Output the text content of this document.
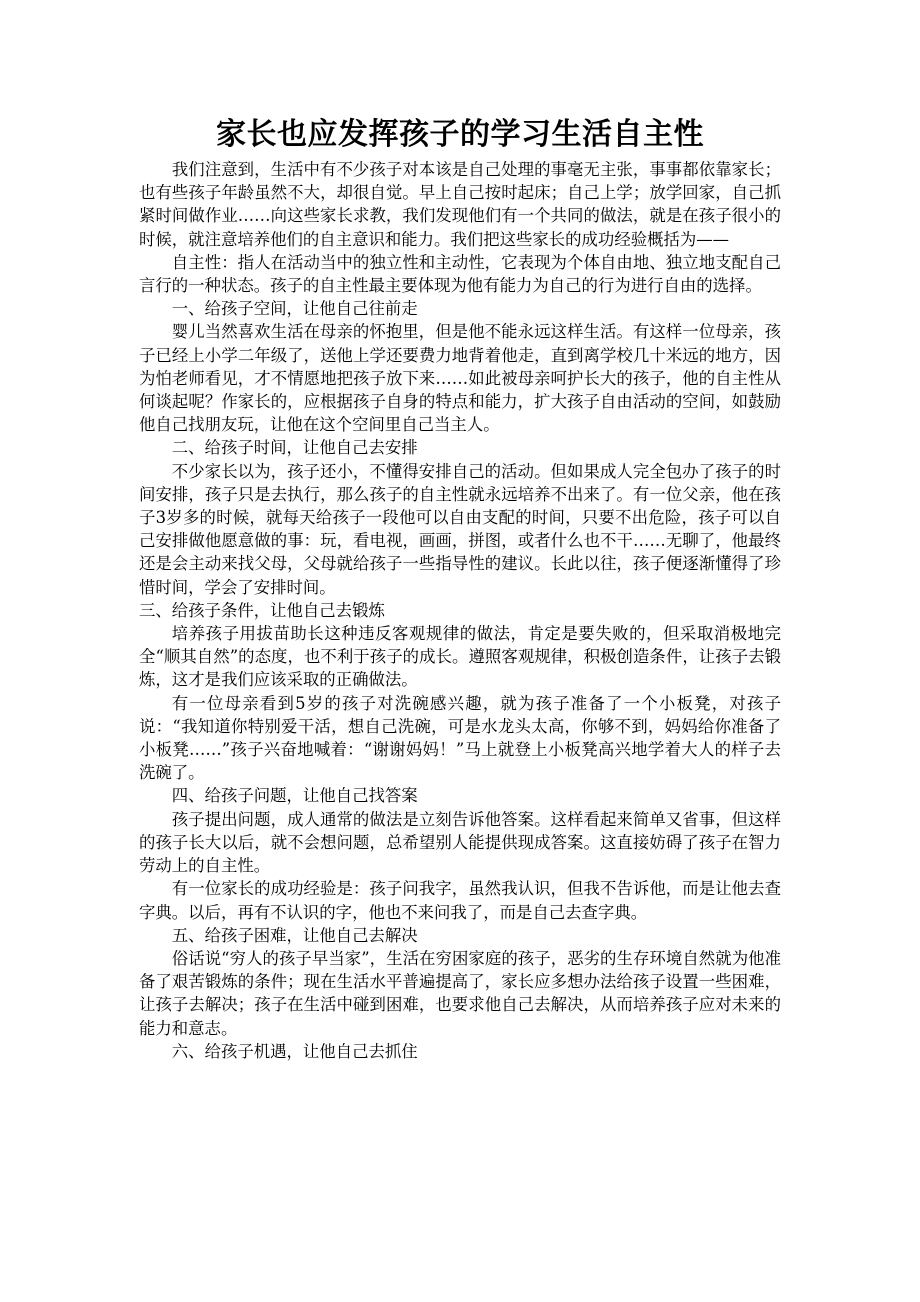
家长也应发挥孩子的学习生活自主性

我们注意到，生活中有不少孩子对本该是自己处理的事毫无主张，事事都依靠家长；也有些孩子年龄虽然不大，却很自觉。早上自己按时起床；自己上学；放学回家，自己抓紧时间做作业……向这些家长求教，我们发现他们有一个共同的做法，就是在孩子很小的时候，就注意培养他们的自主意识和能力。我们把这些家长的成功经验概括为——

自主性：指人在活动当中的独立性和主动性，它表现为个体自由地、独立地支配自己言行的一种状态。孩子的自主性最主要体现为他有能力为自己的行为进行自由的选择。

一、给孩子空间，让他自己往前走

婴儿当然喜欢生活在母亲的怀抱里，但是他不能永远这样生活。有这样一位母亲，孩子已经上小学二年级了，送他上学还要费力地背着他走，直到离学校几十米远的地方，因为怕老师看见，才不情愿地把孩子放下来……如此被母亲呵护长大的孩子，他的自主性从何谈起呢？作家长的，应根据孩子自身的特点和能力，扩大孩子自由活动的空间，如鼓励他自己找朋友玩，让他在这个空间里自己当主人。

二、给孩子时间，让他自己去安排

不少家长以为，孩子还小，不懂得安排自己的活动。但如果成人完全包办了孩子的时间安排，孩子只是去执行，那么孩子的自主性就永远培养不出来了。有一位父亲，他在孩子3岁多的时候，就每天给孩子一段他可以自由支配的时间，只要不出危险，孩子可以自己安排做他愿意做的事：玩，看电视，画画，拼图，或者什么也不干……无聊了，他最终还是会主动来找父母，父母就给孩子一些指导性的建议。长此以往，孩子便逐渐懂得了珍惜时间，学会了安排时间。

三、给孩子条件，让他自己去锻炼

培养孩子用拔苗助长这种违反客观规律的做法，肯定是要失败的，但采取消极地完全“顺其自然”的态度，也不利于孩子的成长。遵照客观规律，积极创造条件，让孩子去锻炼，这才是我们应该采取的正确做法。

有一位母亲看到5岁的孩子对洗碗感兴趣，就为孩子准备了一个小板凳，对孩子说：“我知道你特别爱干活，想自己洗碗，可是水龙头太高，你够不到，妈妈给你准备了小板凳……”孩子兴奋地喊着：“谢谢妈妈！”马上就登上小板凳高兴地学着大人的样子去洗碗了。

四、给孩子问题，让他自己找答案

孩子提出问题，成人通常的做法是立刻告诉他答案。这样看起来简单又省事，但这样的孩子长大以后，就不会想问题，总希望别人能提供现成答案。这直接妨碍了孩子在智力劳动上的自主性。

有一位家长的成功经验是：孩子问我字，虽然我认识，但我不告诉他，而是让他去查字典。以后，再有不认识的字，他也不来问我了，而是自己去查字典。

五、给孩子困难，让他自己去解决

俗话说“穷人的孩子早当家”，生活在穷困家庭的孩子，恶劣的生存环境自然就为他准备了艰苦锻炼的条件；现在生活水平普遍提高了，家长应多想办法给孩子设置一些困难，让孩子去解决；孩子在生活中碰到困难，也要求他自己去解决，从而培养孩子应对未来的能力和意志。

六、给孩子机遇，让他自己去抓住
